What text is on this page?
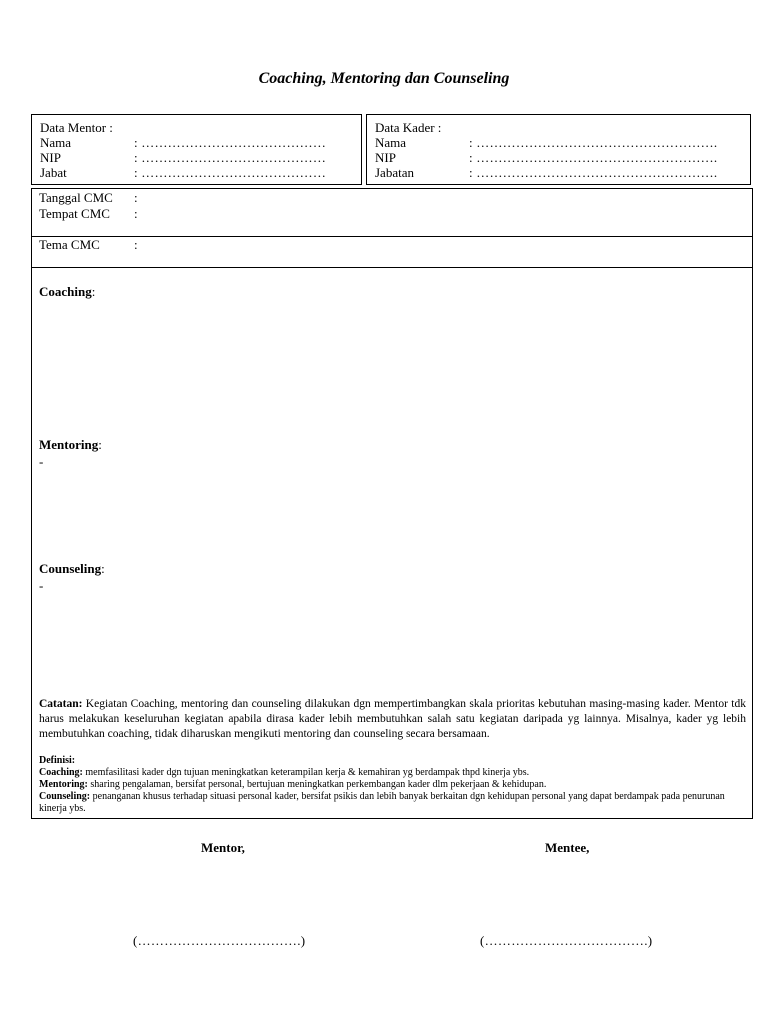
Coaching, Mentoring dan Counseling
Data Mentor :
Nama	: ……………………………………
NIP	: ……………………………………
Jabat	: ……………………………………
Data Kader :
Nama	: ……………………………………………….
NIP	: ……………………………………………….
Jabatan	: ……………………………………………….
Tanggal CMC	:
Tempat CMC	:
Tema CMC	:
Coaching:
Mentoring:
-
Counseling:
-
Catatan: Kegiatan Coaching, mentoring dan counseling dilakukan dgn mempertimbangkan skala prioritas kebutuhan masing-masing kader. Mentor tdk harus melakukan keseluruhan kegiatan apabila dirasa kader lebih membutuhkan salah satu kegiatan daripada yg lainnya. Misalnya, kader yg lebih membutuhkan coaching, tidak diharuskan mengikuti mentoring dan counseling secara bersamaan.
Definisi:
Coaching: memfasilitasi kader dgn tujuan meningkatkan keterampilan kerja & kemahiran yg berdampak thpd kinerja ybs.
Mentoring: sharing pengalaman, bersifat personal, bertujuan meningkatkan perkembangan kader dlm pekerjaan & kehidupan.
Counseling: penanganan khusus terhadap situasi personal kader, bersifat psikis dan lebih banyak berkaitan dgn kehidupan personal yang dapat berdampak pada penurunan kinerja ybs.
Mentor,	Mentee,
(……………………………….)	(……………………………….)
